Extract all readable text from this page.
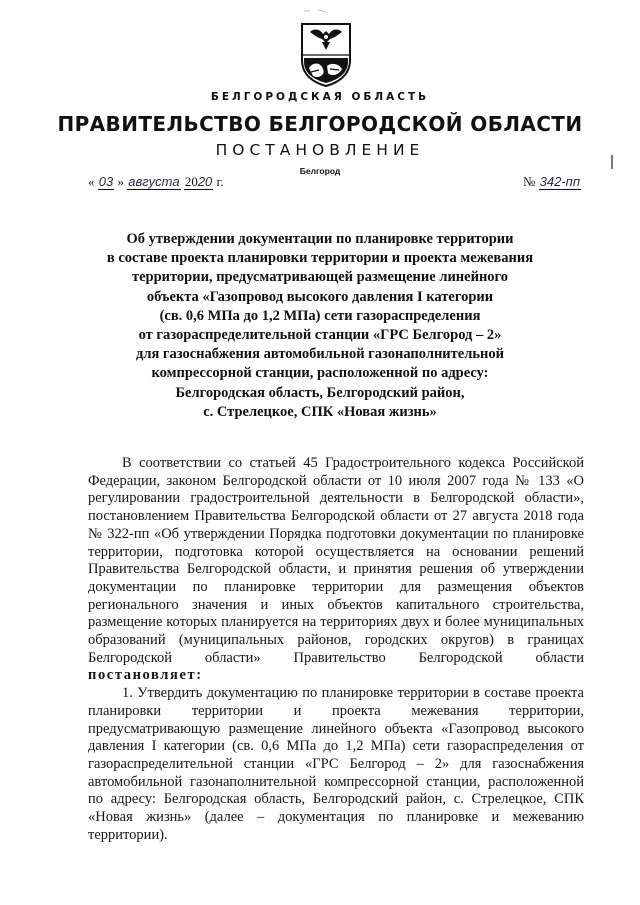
БЕЛГОРОДСКАЯ ОБЛАСТЬ
ПРАВИТЕЛЬСТВО БЕЛГОРОДСКОЙ ОБЛАСТИ
ПОСТАНОВЛЕНИЕ
Белгород
« 03 » августа 2020 г.	№ 342-пп
Об утверждении документации по планировке территории
в составе проекта планировки территории и проекта межевания
территории, предусматривающей размещение линейного
объекта «Газопровод высокого давления I категории
(св. 0,6 МПа до 1,2 МПа) сети газораспределения
от газораспределительной станции «ГРС Белгород – 2»
для газоснабжения автомобильной газонаполнительной
компрессорной станции, расположенной по адресу:
Белгородская область, Белгородский район,
с. Стрелецкое, СПК «Новая жизнь»

В соответствии со статьей 45 Градостроительного кодекса Российской Федерации, законом Белгородской области от 10 июля 2007 года № 133 «О регулировании градостроительной деятельности в Белгородской области», постановлением Правительства Белгородской области от 27 августа 2018 года № 322-пп «Об утверждении Порядка подготовки документации по планировке территории, подготовка которой осуществляется на основании решений Правительства Белгородской области, и принятия решения об утверждении документации по планировке территории для размещения объектов регионального значения и иных объектов капитального строительства, размещение которых планируется на территориях двух и более муниципальных образований (муниципальных районов, городских округов) в границах Белгородской области» Правительство Белгородской области постановляет:

1. Утвердить документацию по планировке территории в составе проекта планировки территории и проекта межевания территории, предусматривающую размещение линейного объекта «Газопровод высокого давления I категории (св. 0,6 МПа до 1,2 МПа) сети газораспределения от газораспределительной станции «ГРС Белгород – 2» для газоснабжения автомобильной газонаполнительной компрессорной станции, расположенной по адресу: Белгородская область, Белгородский район, с. Стрелецкое, СПК «Новая жизнь» (далее – документация по планировке и межеванию территории).
